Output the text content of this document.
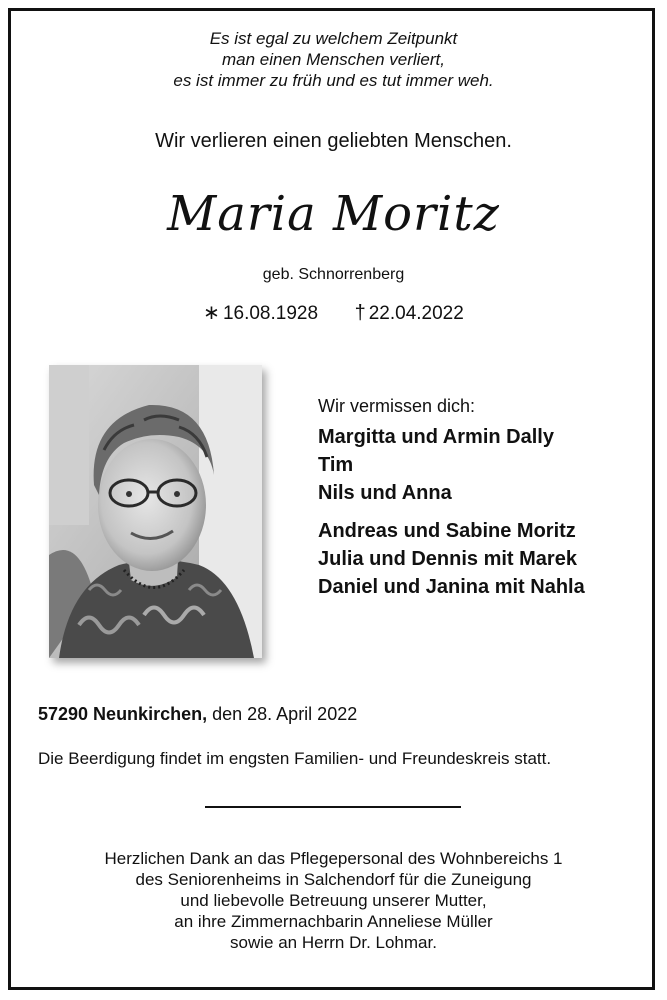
Es ist egal zu welchem Zeitpunkt
man einen Menschen verliert,
es ist immer zu früh und es tut immer weh.
Wir verlieren einen geliebten Menschen.
Maria Moritz
geb. Schnorrenberg
∗ 16.08.1928 † 22.04.2022
Wir vermissen dich:
Margitta und Armin Dally
Tim
Nils und Anna
Andreas und Sabine Moritz
Julia und Dennis mit Marek
Daniel und Janina mit Nahla
57290 Neunkirchen, den 28. April 2022
Die Beerdigung findet im engsten Familien- und Freundeskreis statt.
Herzlichen Dank an das Pflegepersonal des Wohnbereichs 1
des Seniorenheims in Salchendorf für die Zuneigung
und liebevolle Betreuung unserer Mutter,
an ihre Zimmernachbarin Anneliese Müller
sowie an Herrn Dr. Lohmar.
